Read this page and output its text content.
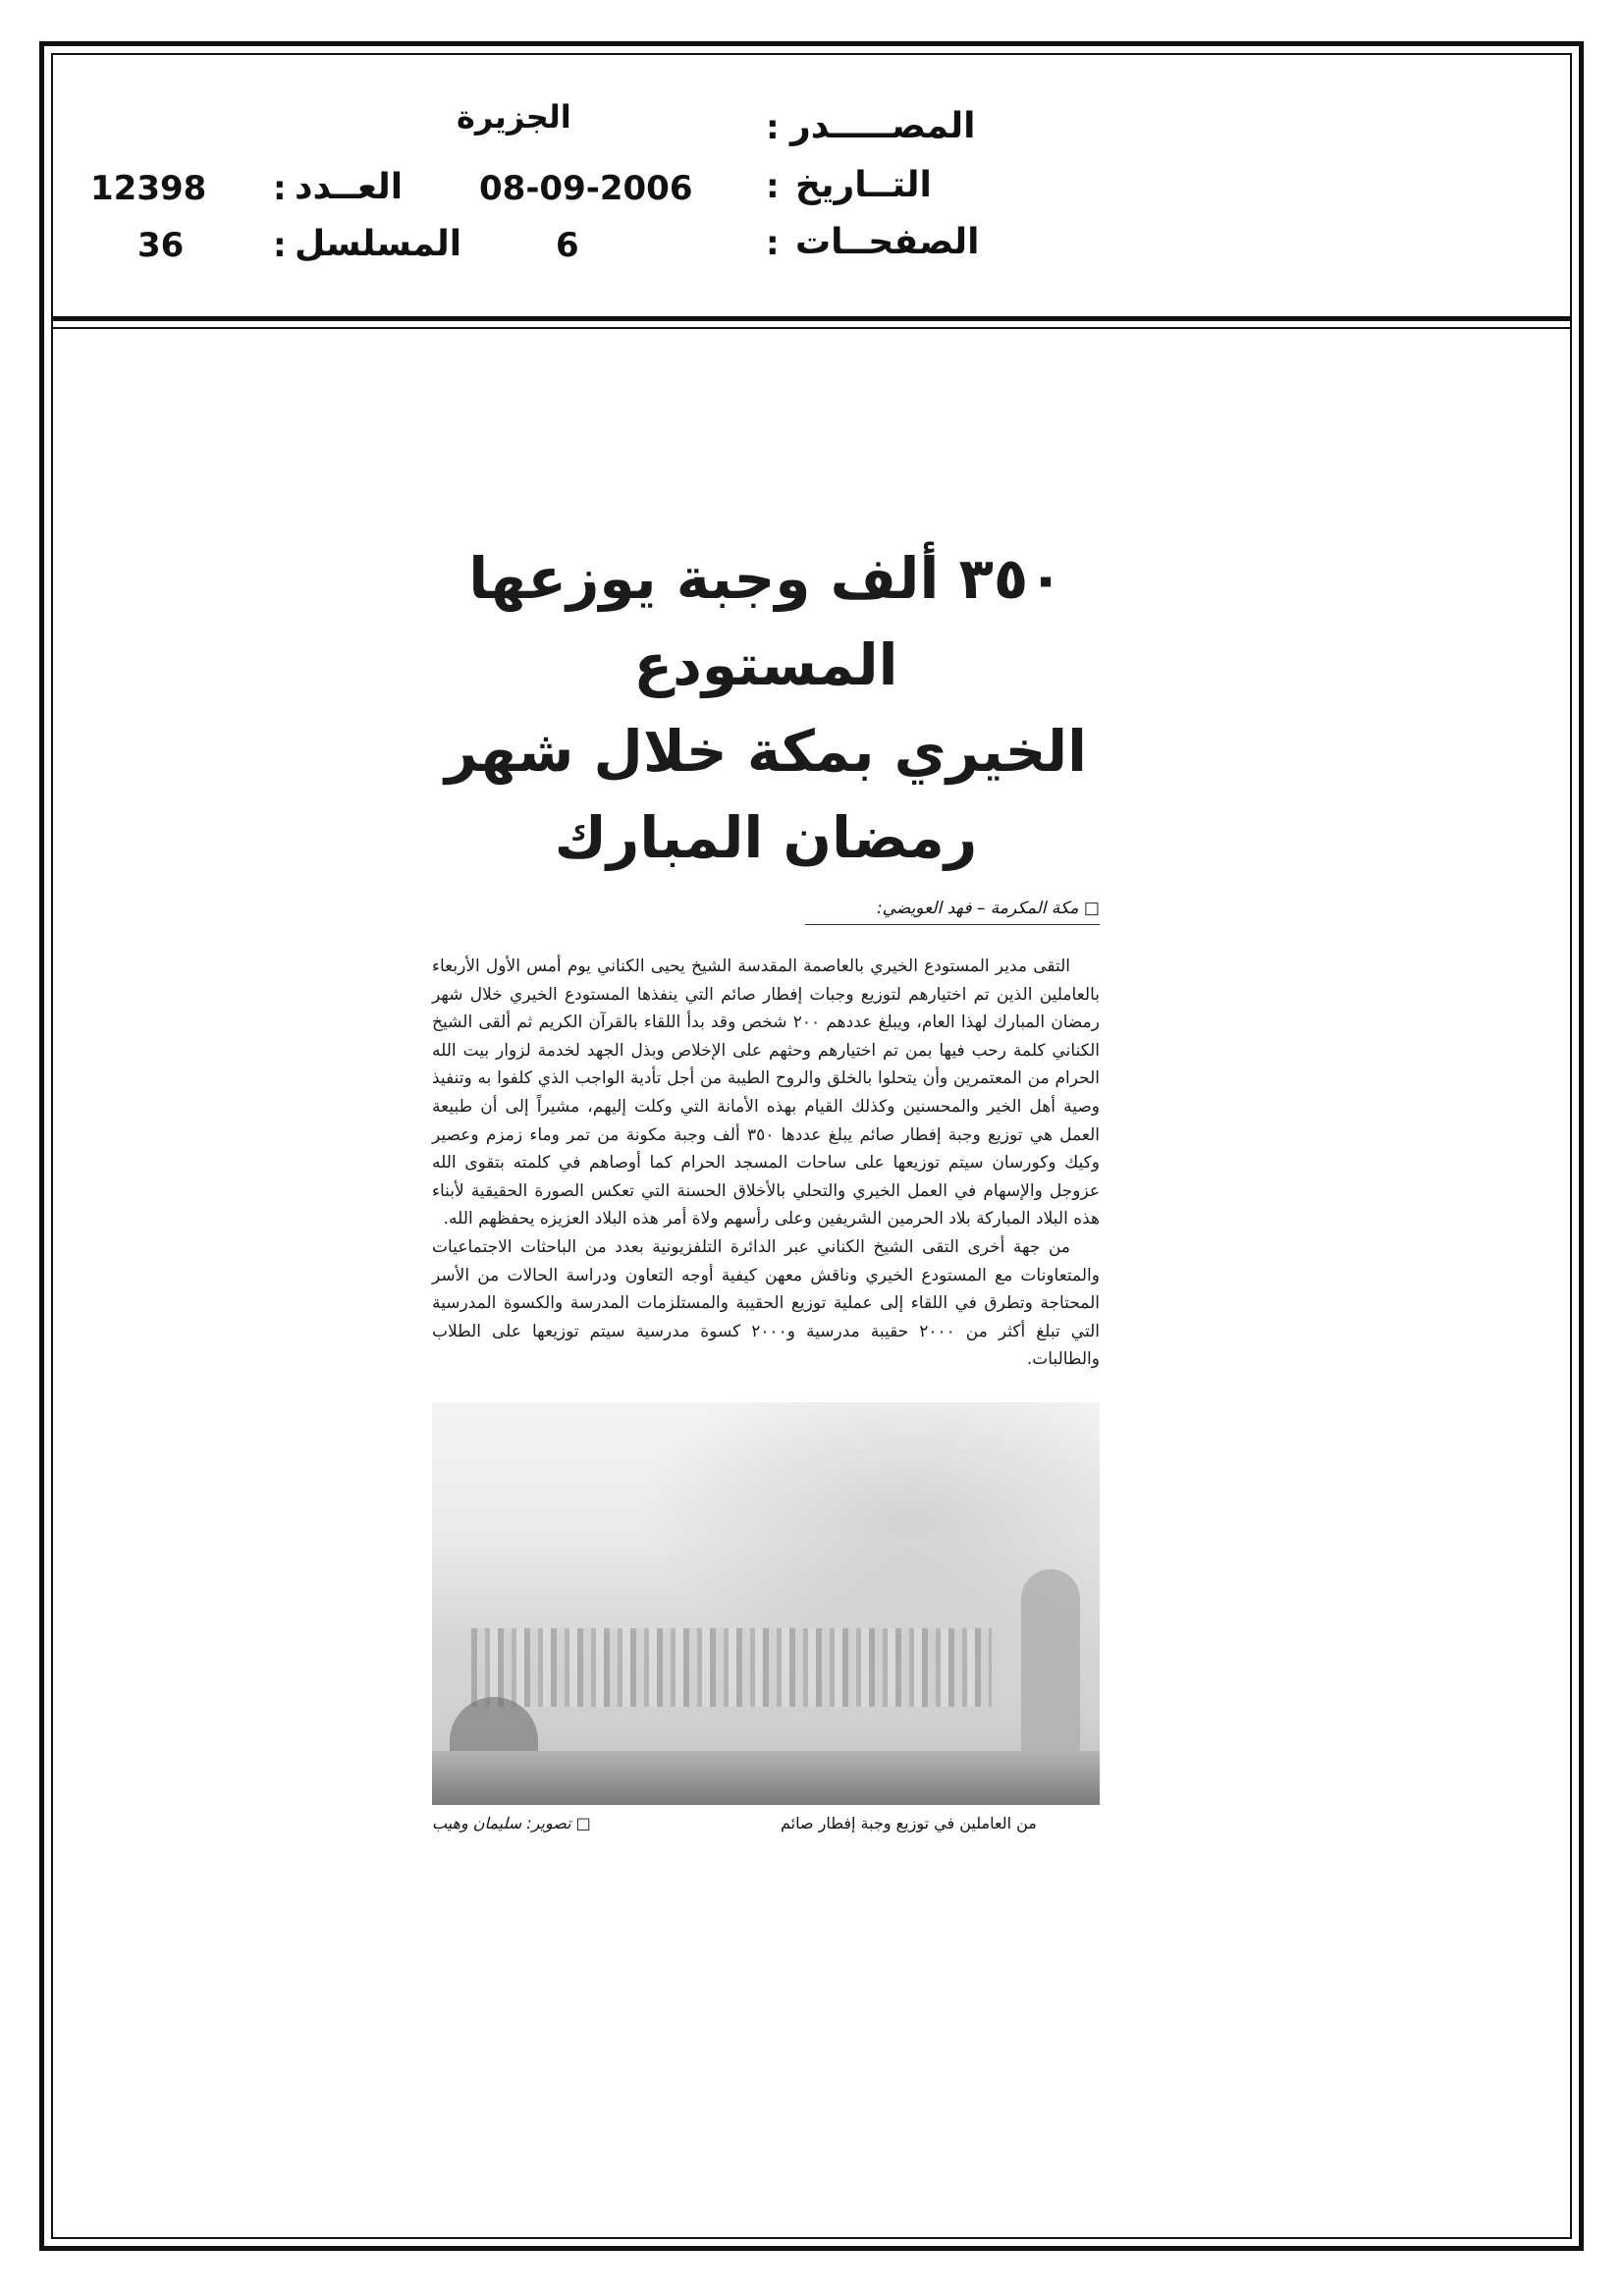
المصـــــدر
:
الجزيرة
التــاريخ
:
08-09-2006
الصفحــات
:
6
العــدد
:
12398
المسلسل
:
36
٣٥٠ ألف وجبة يوزعها المستودع
الخيري بمكة خلال شهر رمضان المبارك
□ مكة المكرمة – فهد العويضي:

التقى مدير المستودع الخيري بالعاصمة المقدسة الشيخ يحيى الكناني يوم أمس الأول الأربعاء بالعاملين الذين تم اختيارهم لتوزيع وجبات إفطار صائم التي ينفذها المستودع الخيري خلال شهر رمضان المبارك لهذا العام، ويبلغ عددهم ٢٠٠ شخص وقد بدأ اللقاء بالقرآن الكريم ثم ألقى الشيخ الكناني كلمة رحب فيها بمن تم اختيارهم وحثهم على الإخلاص وبذل الجهد لخدمة لزوار بيت الله الحرام من المعتمرين وأن يتحلوا بالخلق والروح الطيبة من أجل تأدية الواجب الذي كلفوا به وتنفيذ وصية أهل الخير والمحسنين وكذلك القيام بهذه الأمانة التي وكلت إليهم، مشيراً إلى أن طبيعة العمل هي توزيع وجبة إفطار صائم يبلغ عددها ٣٥٠ ألف وجبة مكونة من تمر وماء زمزم وعصير وكيك وكورسان سيتم توزيعها على ساحات المسجد الحرام كما أوصاهم في كلمته بتقوى الله عزوجل والإسهام في العمل الخيري والتحلي بالأخلاق الحسنة التي تعكس الصورة الحقيقية لأبناء هذه البلاد المباركة بلاد الحرمين الشريفين وعلى رأسهم ولاة أمر هذه البلاد العزيزه يحفظهم الله.

من جهة أخرى التقى الشيخ الكناني عبر الدائرة التلفزيونية بعدد من الباحثات الاجتماعيات والمتعاونات مع المستودع الخيري وناقش معهن كيفية أوجه التعاون ودراسة الحالات من الأسر المحتاجة وتطرق في اللقاء إلى عملية توزيع الحقيبة والمستلزمات المدرسة والكسوة المدرسية التي تبلغ أكثر من ٢٠٠٠ حقيبة مدرسية و٢٠٠٠ كسوة مدرسية سيتم توزيعها على الطلاب والطالبات.

من العاملين في توزيع وجبة إفطار صائم
□ تصوير: سليمان وهيب
